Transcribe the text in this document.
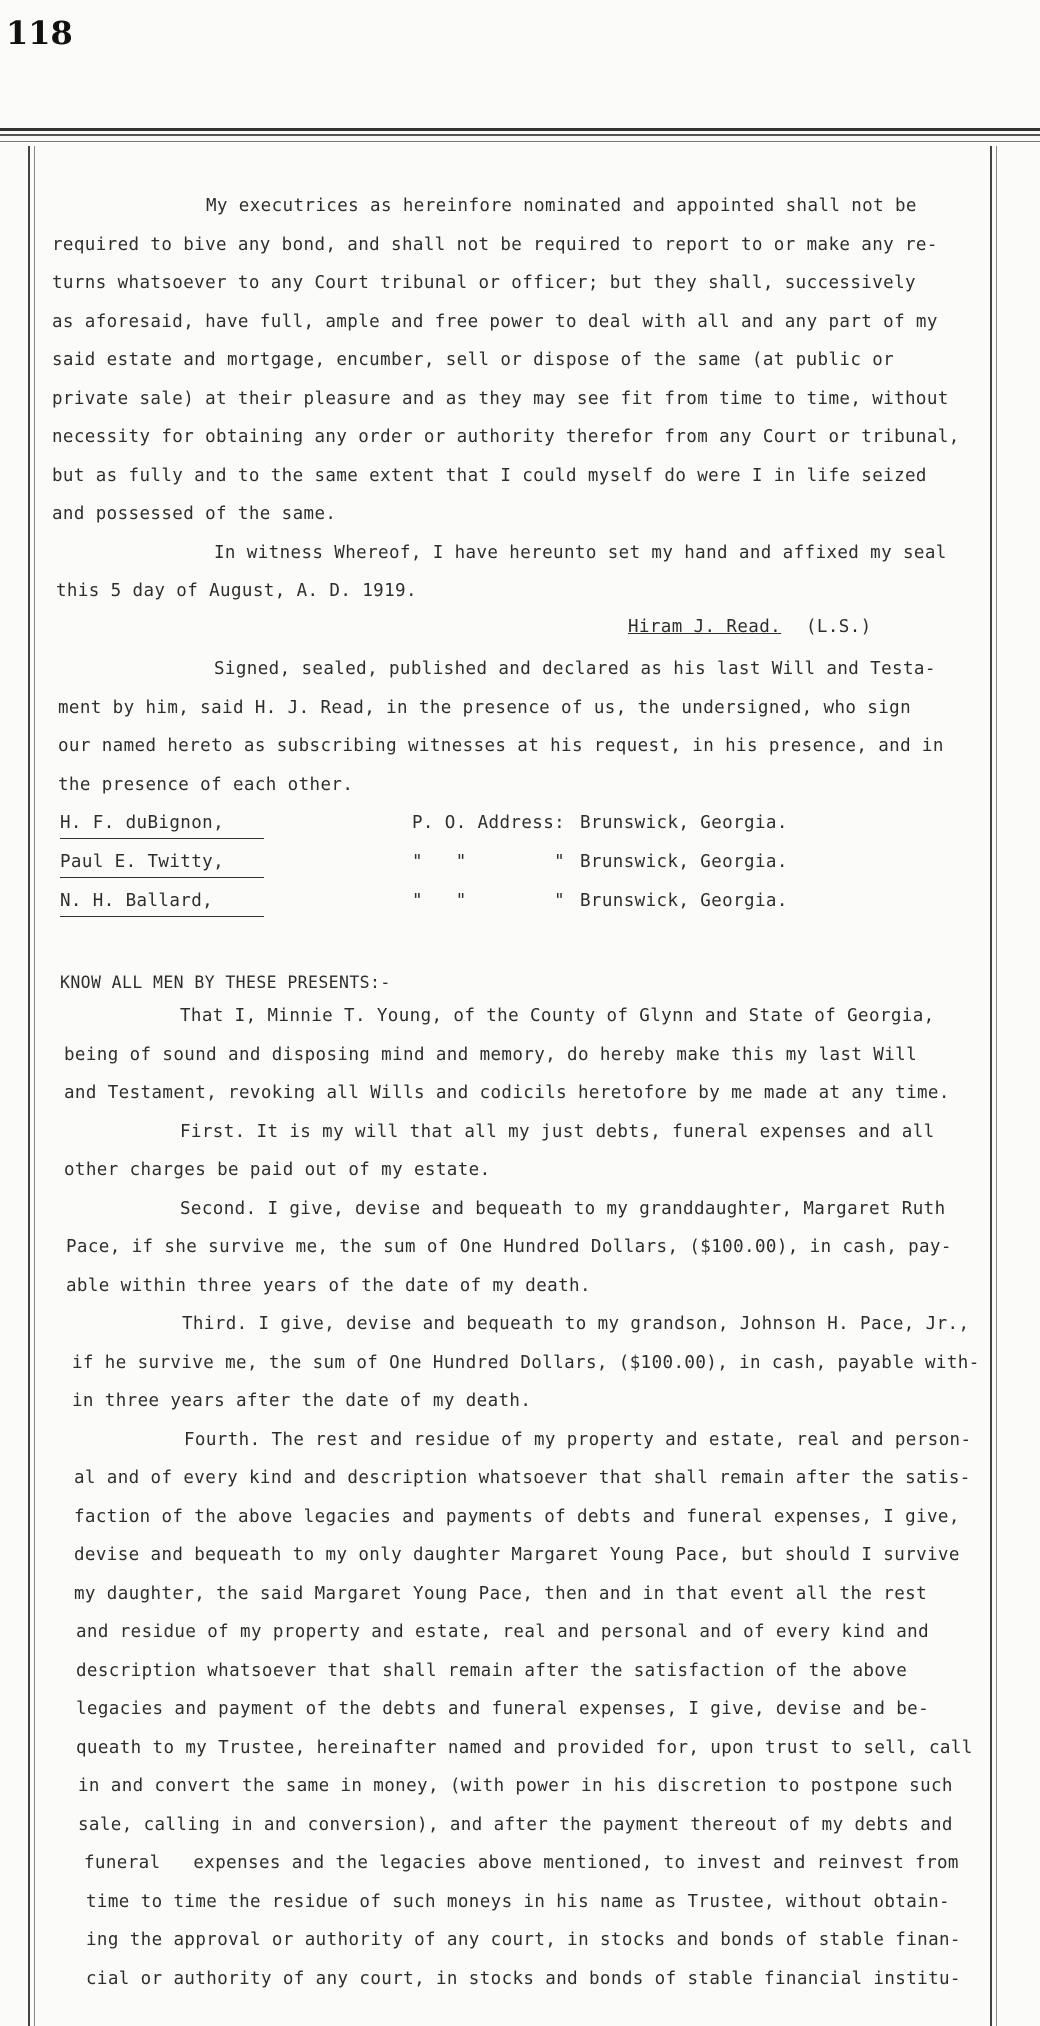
118
My executrices as hereinfore nominated and appointed shall not be
required to bive any bond, and shall not be required to report to or make any re-
turns whatsoever to any Court tribunal or officer; but they shall, successively
as aforesaid, have full, ample and free power to deal with all and any part of my
said estate and mortgage, encumber, sell or dispose of the same (at public or
private sale) at their pleasure and as they may see fit from time to time, without
necessity for obtaining any order or authority therefor from any Court or tribunal,
but as fully and to the same extent that I could myself do were I in life seized
and possessed of the same.
In witness Whereof, I have hereunto set my hand and affixed my seal
this 5 day of August, A. D. 1919.
Hiram J. Read. (L.S.)
Signed, sealed, published and declared as his last Will and Testa-
ment by him, said H. J. Read, in the presence of us, the undersigned, who sign
our named hereto as subscribing witnesses at his request, in his presence, and in
the presence of each other.
H. F. duBignon,	P. O. Address: Brunswick, Georgia.
Paul E. Twitty,	"   "        " Brunswick, Georgia.
N. H. Ballard,	"   "        " Brunswick, Georgia.
KNOW ALL MEN BY THESE PRESENTS:-
That I, Minnie T. Young, of the County of Glynn and State of Georgia,
being of sound and disposing mind and memory, do hereby make this my last Will
and Testament, revoking all Wills and codicils heretofore by me made at any time.
First. It is my will that all my just debts, funeral expenses and all
other charges be paid out of my estate.
Second. I give, devise and bequeath to my granddaughter, Margaret Ruth
Pace, if she survive me, the sum of One Hundred Dollars, ($100.00), in cash, pay-
able within three years of the date of my death.
Third. I give, devise and bequeath to my grandson, Johnson H. Pace, Jr.,
if he survive me, the sum of One Hundred Dollars, ($100.00), in cash, payable with-
in three years after the date of my death.
Fourth. The rest and residue of my property and estate, real and person-
al and of every kind and description whatsoever that shall remain after the satis-
faction of the above legacies and payments of debts and funeral expenses, I give,
devise and bequeath to my only daughter Margaret Young Pace, but should I survive
my daughter, the said Margaret Young Pace, then and in that event all the rest
and residue of my property and estate, real and personal and of every kind and
description whatsoever that shall remain after the satisfaction of the above
legacies and payment of the debts and funeral expenses, I give, devise and be-
queath to my Trustee, hereinafter named and provided for, upon trust to sell, call
in and convert the same in money, (with power in his discretion to postpone such
sale, calling in and conversion), and after the payment thereout of my debts and
funeral   expenses and the legacies above mentioned, to invest and reinvest from
time to time the residue of such moneys in his name as Trustee, without obtain-
ing the approval or authority of any court, in stocks and bonds of stable finan-
cial or authority of any court, in stocks and bonds of stable financial institu-
